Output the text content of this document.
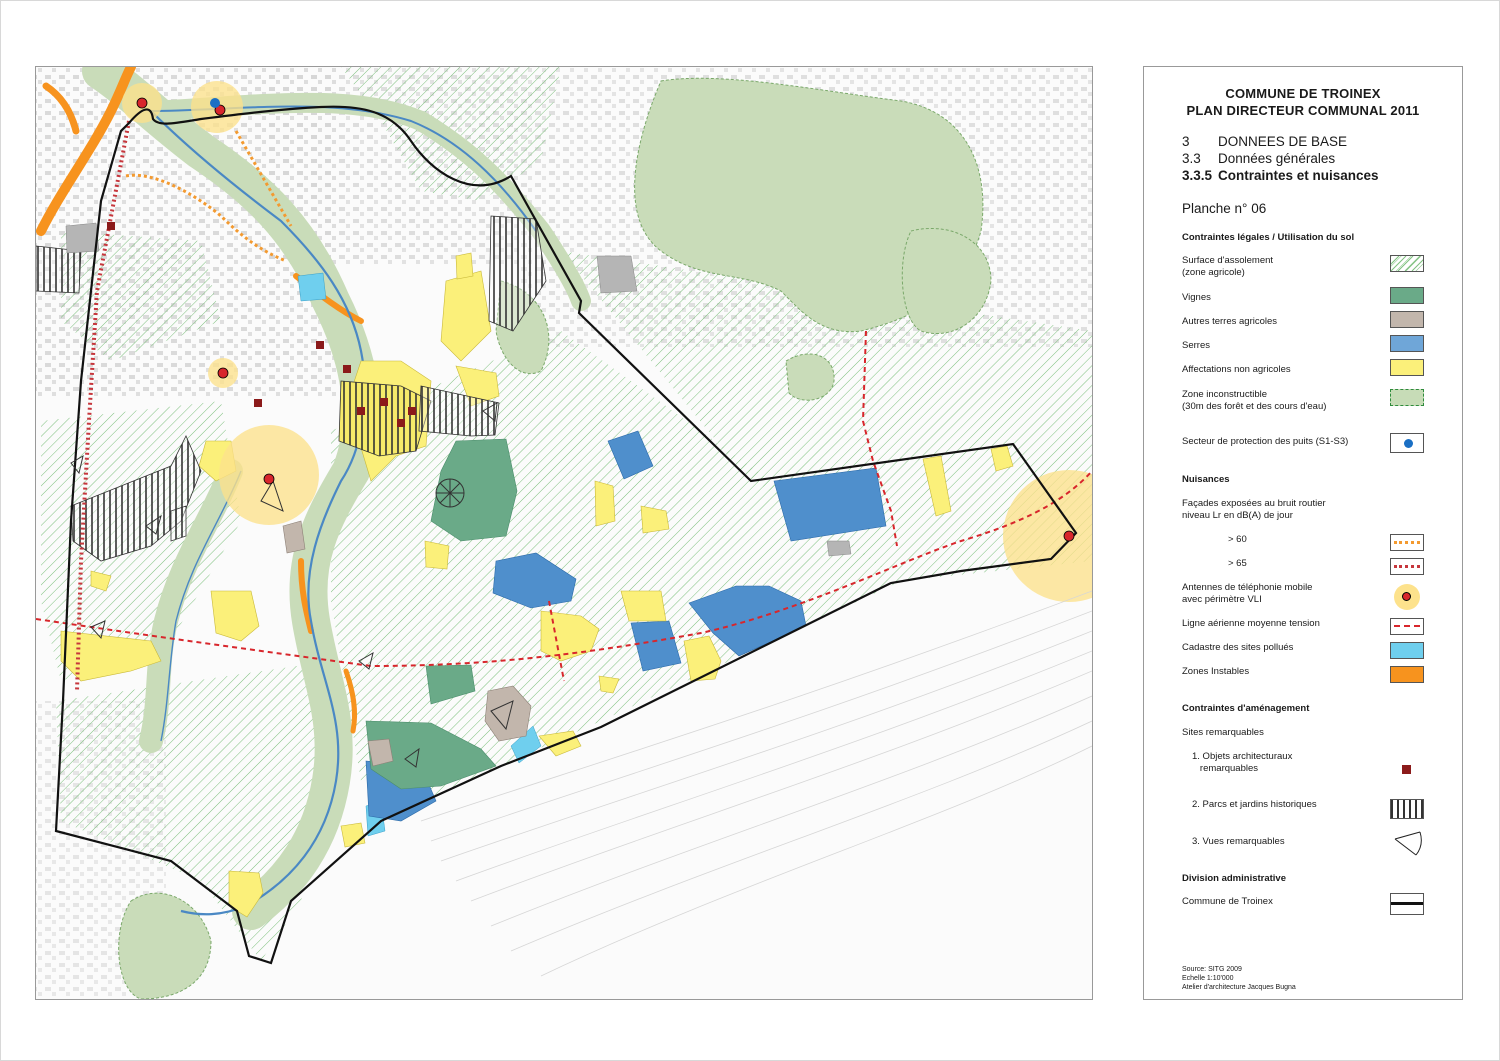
COMMUNE DE TROINEX
PLAN DIRECTEUR COMMUNAL 2011
3 DONNEES DE BASE
3.3 Données générales
3.3.5 Contraintes et nuisances
Planche n° 06
Contraintes légales / Utilisation du sol
Surface d'assolement
(zone agricole)
Vignes
Autres terres agricoles
Serres
Affectations non agricoles
Zone inconstructible
(30m des forêt et des cours d'eau)
Secteur de protection des puits (S1-S3)
Nuisances
Façades exposées au bruit routier
niveau Lr en dB(A) de jour
> 60
> 65
Antennes de téléphonie mobile
avec périmètre VLI
Ligne aérienne moyenne tension
Cadastre des sites pollués
Zones Instables
Contraintes d'aménagement
Sites remarquables
1. Objets architecturaux
remarquables
2. Parcs et jardins historiques
3. Vues remarquables
Division administrative
Commune de Troinex
Source: SITG 2009
Echelle 1:10'000
Atelier d'architecture Jacques Bugna
